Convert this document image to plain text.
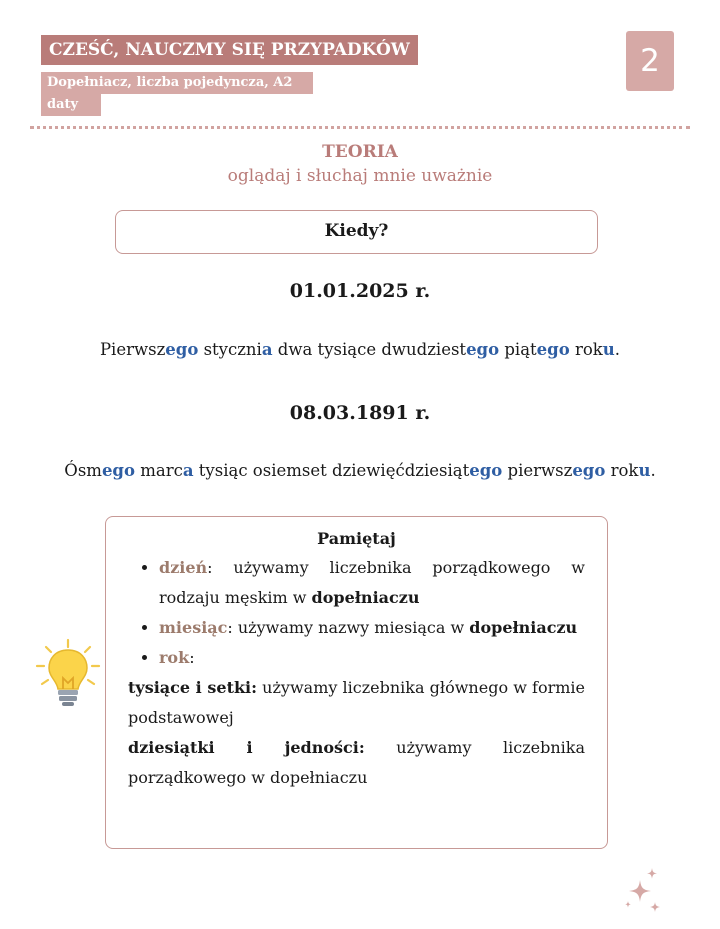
CZEŚĆ, NAUCZMY SIĘ PRZYPADKÓW
Dopełniacz, liczba pojedyncza, A2
daty
2
TEORIA
oglądaj i słuchaj mnie uważnie
Kiedy?
01.01.2025 r.
Pierwszego stycznia dwa tysiące dwudziestego piątego roku.
08.03.1891 r.
Ósmego marca tysiąc osiemset dziewięćdziesiątego pierwszego roku.
Pamiętaj
• dzień: używamy liczebnika porządkowego w rodzaju męskim w dopełniaczu
• miesiąc: używamy nazwy miesiąca w dopełniaczu
• rok:
tysiące i setki: używamy liczebnika głównego w formie podstawowej
dziesiątki i jedności: używamy liczebnika porządkowego w dopełniaczu
